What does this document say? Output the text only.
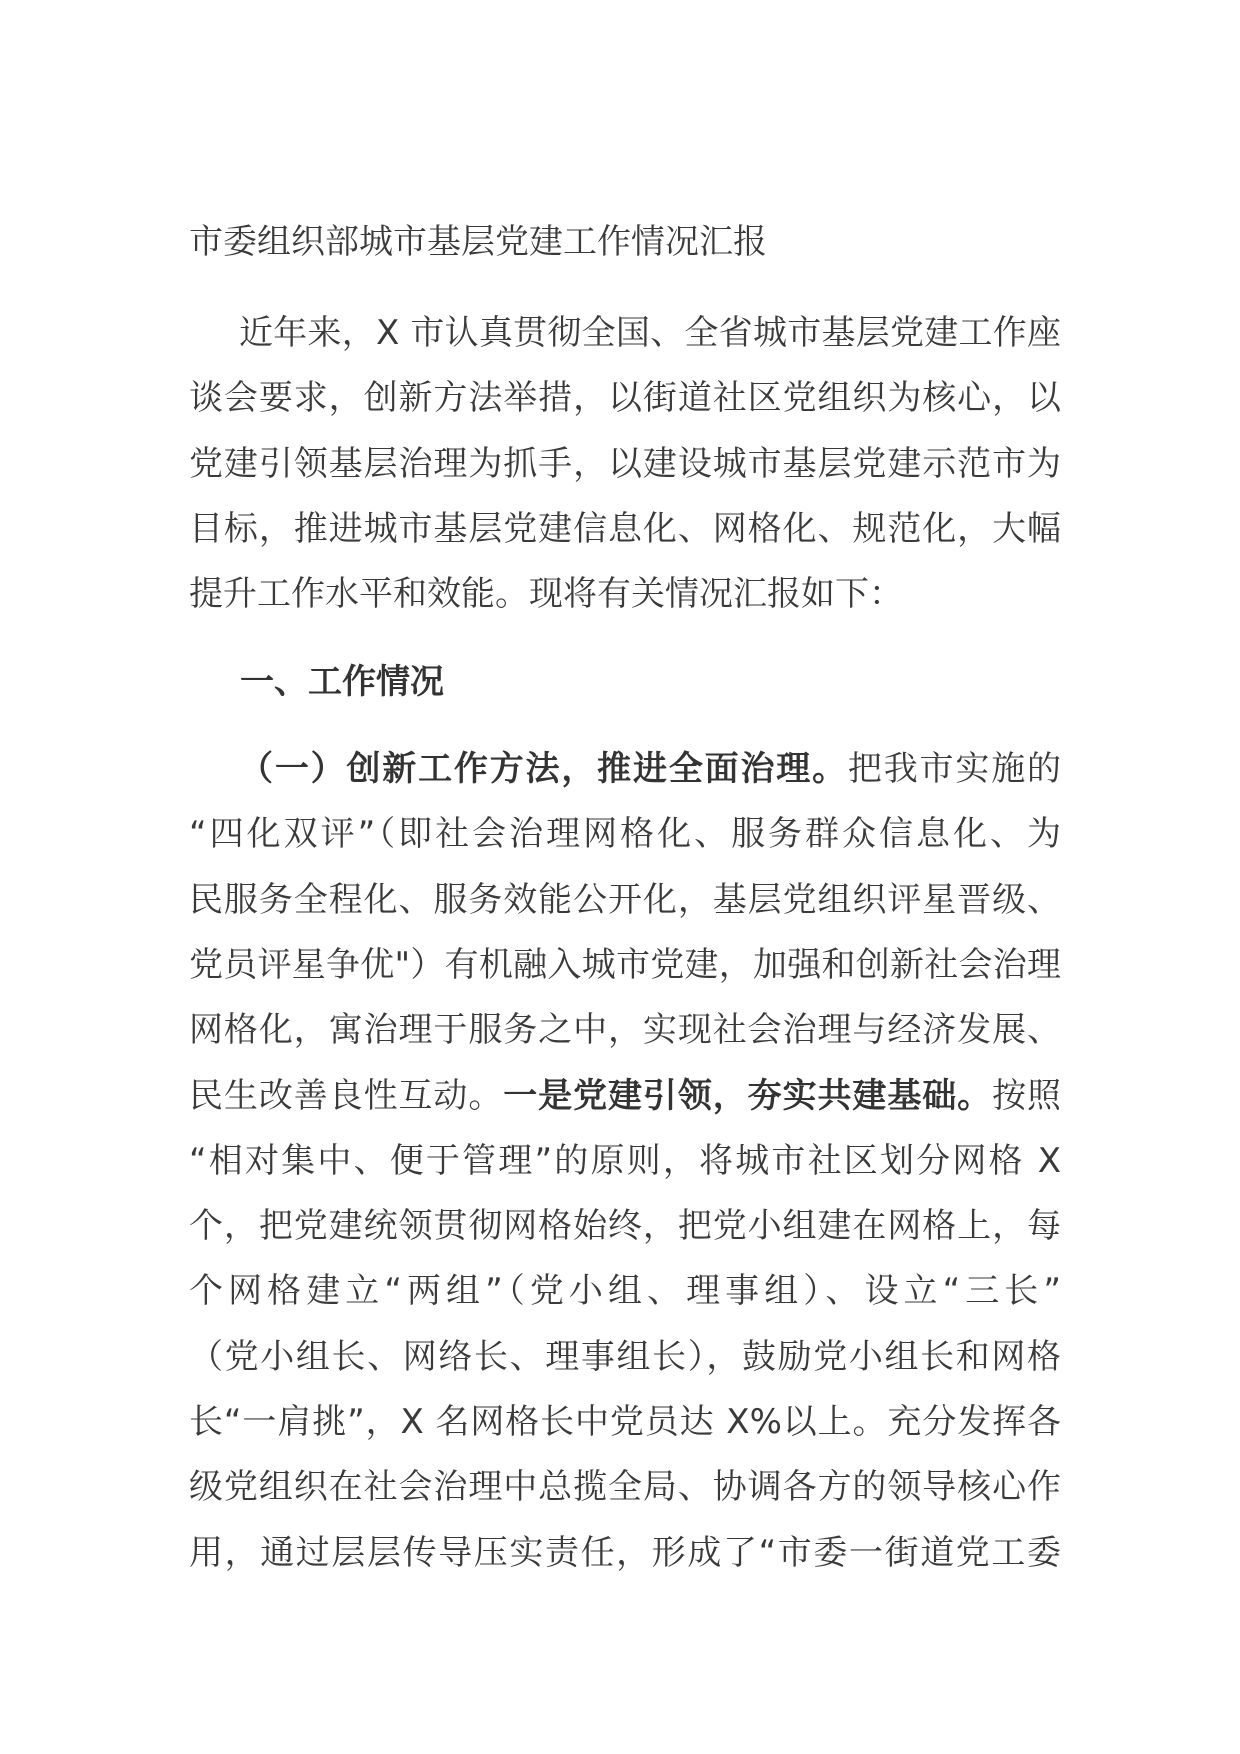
市委组织部城市基层党建工作情况汇报
近年来，X 市认真贯彻全国、全省城市基层党建工作座
谈会要求，创新方法举措，以街道社区党组织为核心，以
党建引领基层治理为抓手，以建设城市基层党建示范市为
目标，推进城市基层党建信息化、网格化、规范化，大幅
提升工作水平和效能。现将有关情况汇报如下：
一、工作情况
（一）创新工作方法，推进全面治理。把我市实施的
“四化双评”（即社会治理网格化、服务群众信息化、为
民服务全程化、服务效能公开化，基层党组织评星晋级、
党员评星争优"）有机融入城市党建，加强和创新社会治理
网格化，寓治理于服务之中，实现社会治理与经济发展、
民生改善良性互动。一是党建引领，夯实共建基础。按照
“相对集中、便于管理”的原则，将城市社区划分网格 X
个，把党建统领贯彻网格始终，把党小组建在网格上，每
个网格建立“两组”（党小组、理事组）、设立“三长”
（党小组长、网络长、理事组长），鼓励党小组长和网格
长“一肩挑”，X 名网格长中党员达 X%以上。充分发挥各
级党组织在社会治理中总揽全局、协调各方的领导核心作
用，通过层层传导压实责任，形成了“市委一街道党工委
